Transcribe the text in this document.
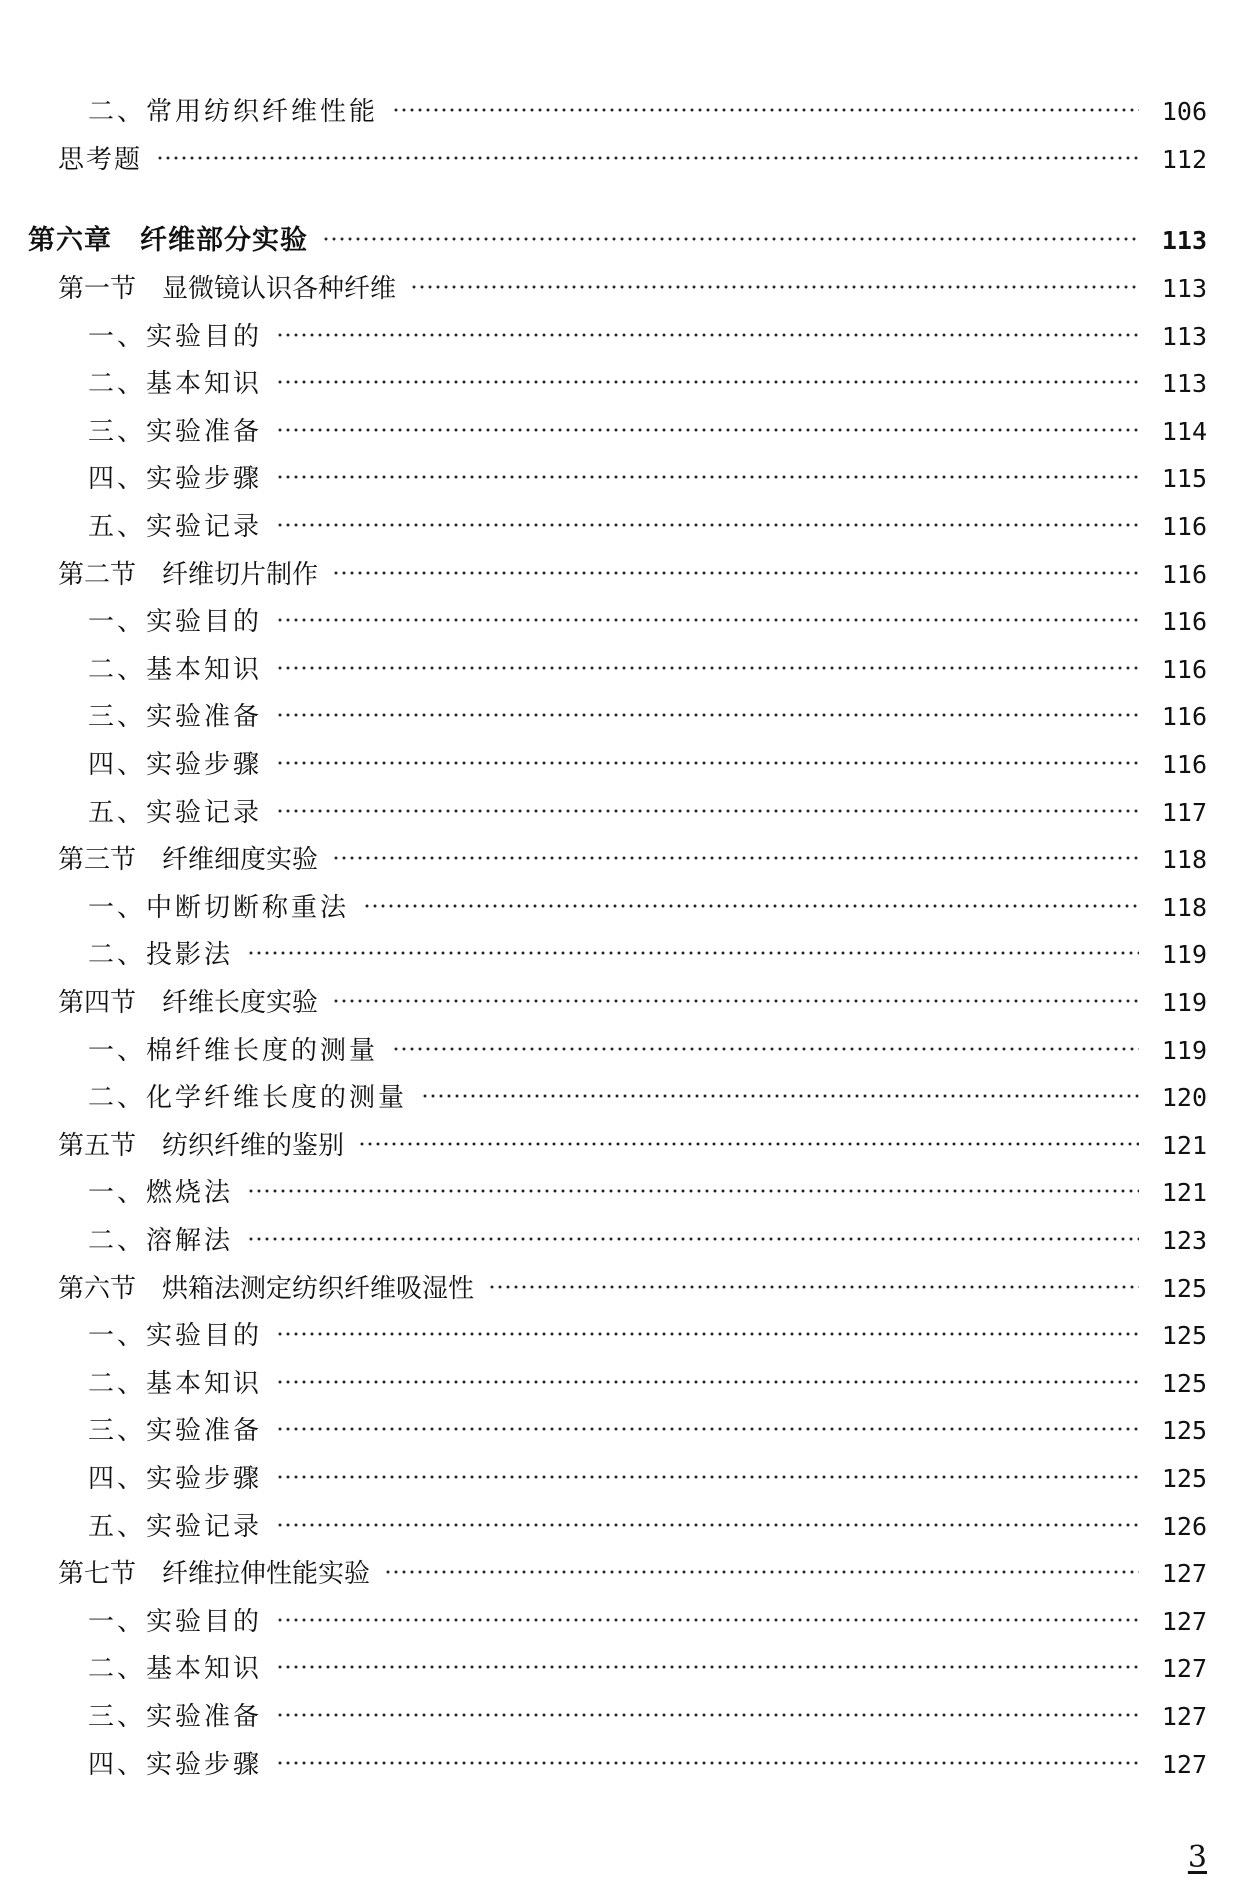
二、常用纺织纤维性能	106
思考题	112
第六章　纤维部分实验	113
第一节　显微镜认识各种纤维	113
一、实验目的	113
二、基本知识	113
三、实验准备	114
四、实验步骤	115
五、实验记录	116
第二节　纤维切片制作	116
一、实验目的	116
二、基本知识	116
三、实验准备	116
四、实验步骤	116
五、实验记录	117
第三节　纤维细度实验	118
一、中断切断称重法	118
二、投影法	119
第四节　纤维长度实验	119
一、棉纤维长度的测量	119
二、化学纤维长度的测量	120
第五节　纺织纤维的鉴别	121
一、燃烧法	121
二、溶解法	123
第六节　烘箱法测定纺织纤维吸湿性	125
一、实验目的	125
二、基本知识	125
三、实验准备	125
四、实验步骤	125
五、实验记录	126
第七节　纤维拉伸性能实验	127
一、实验目的	127
二、基本知识	127
三、实验准备	127
四、实验步骤	127
3
